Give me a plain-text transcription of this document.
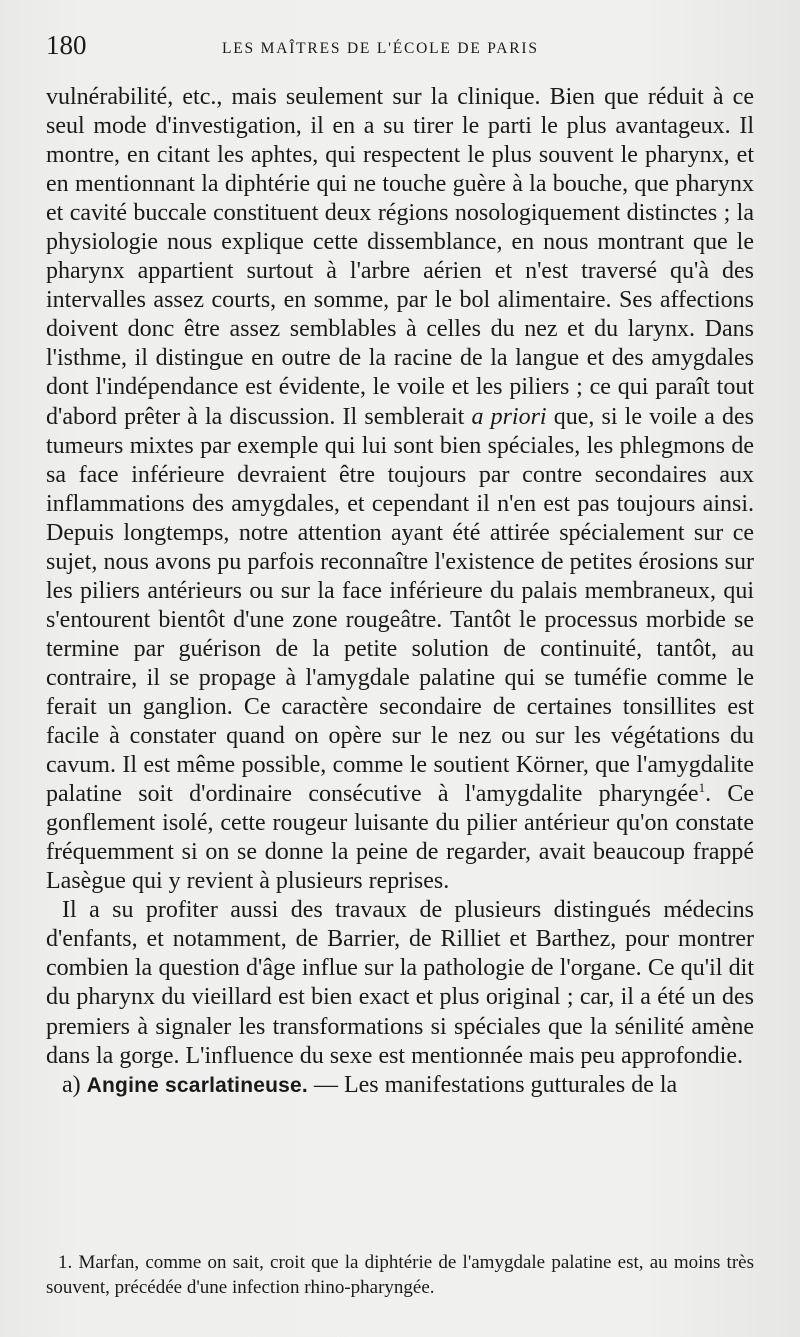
180	LES MAÎTRES DE L'ÉCOLE DE PARIS

vulnérabilité, etc., mais seulement sur la clinique. Bien que réduit à ce seul mode d'investigation, il en a su tirer le parti le plus avantageux. Il montre, en citant les aphtes, qui respectent le plus souvent le pharynx, et en mentionnant la diphtérie qui ne touche guère à la bouche, que pharynx et cavité buccale constituent deux régions nosologiquement distinctes ; la physiologie nous explique cette dissemblance, en nous montrant que le pharynx appartient surtout à l'arbre aérien et n'est traversé qu'à des intervalles assez courts, en somme, par le bol alimentaire. Ses affections doivent donc être assez semblables à celles du nez et du larynx. Dans l'isthme, il distingue en outre de la racine de la langue et des amygdales dont l'indépendance est évidente, le voile et les piliers ; ce qui paraît tout d'abord prêter à la discussion. Il semblerait a priori que, si le voile a des tumeurs mixtes par exemple qui lui sont bien spéciales, les phlegmons de sa face inférieure devraient être toujours par contre secondaires aux inflammations des amygdales, et cependant il n'en est pas toujours ainsi. Depuis longtemps, notre attention ayant été attirée spécialement sur ce sujet, nous avons pu parfois reconnaître l'existence de petites érosions sur les piliers antérieurs ou sur la face inférieure du palais membraneux, qui s'entourent bientôt d'une zone rougeâtre. Tantôt le processus morbide se termine par guérison de la petite solution de continuité, tantôt, au contraire, il se propage à l'amygdale palatine qui se tuméfie comme le ferait un ganglion. Ce caractère secondaire de certaines tonsillites est facile à constater quand on opère sur le nez ou sur les végétations du cavum. Il est même possible, comme le soutient Körner, que l'amygdalite palatine soit d'ordinaire consécutive à l'amygdalite pharyngée$^1$. Ce gonflement isolé, cette rougeur luisante du pilier antérieur qu'on constate fréquemment si on se donne la peine de regarder, avait beaucoup frappé Lasègue qui y revient à plusieurs reprises.

Il a su profiter aussi des travaux de plusieurs distingués médecins d'enfants, et notamment, de Barrier, de Rilliet et Barthez, pour montrer combien la question d'âge influe sur la pathologie de l'organe. Ce qu'il dit du pharynx du vieillard est bien exact et plus original ; car, il a été un des premiers à signaler les transformations si spéciales que la sénilité amène dans la gorge. L'influence du sexe est mentionnée mais peu approfondie.

a) Angine scarlatineuse. — Les manifestations gutturales de la

1. Marfan, comme on sait, croit que la diphtérie de l'amygdale palatine est, au moins très souvent, précédée d'une infection rhino-pharyngée.
